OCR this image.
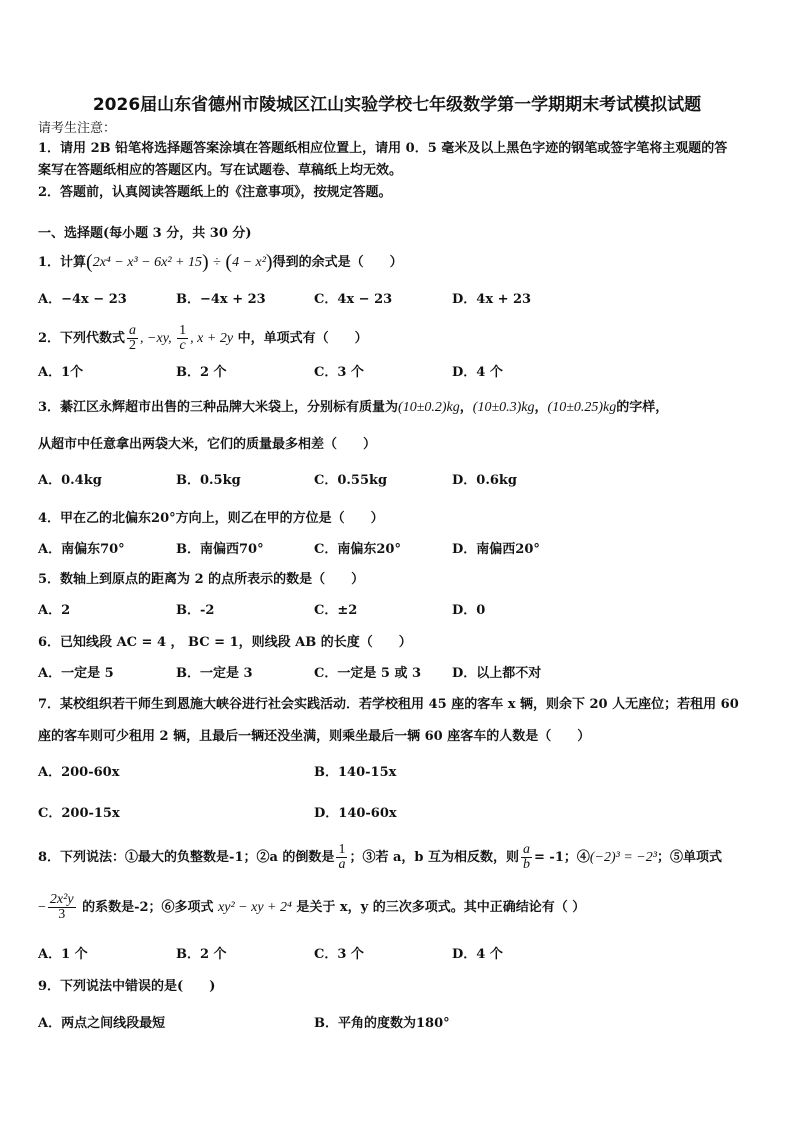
2026届山东省德州市陵城区江山实验学校七年级数学第一学期期末考试模拟试题
请考生注意：
1．请用 2B 铅笔将选择题答案涂填在答题纸相应位置上，请用 0．5 毫米及以上黑色字迹的钢笔或签字笔将主观题的答
案写在答题纸相应的答题区内。写在试题卷、草稿纸上均无效。
2．答题前，认真阅读答题纸上的《注意事项》，按规定答题。
一、选择题(每小题 3 分，共 30 分)
1．计算(2x⁴ − x³ − 6x² + 15) ÷ (4 − x²)得到的余式是（　　）
A．−4x − 23	B．−4x + 23	C．4x − 23	D．4x + 23
2．下列代数式 $\frac{a}{2}$ , −xy, $\frac{1}{c}$ , x + 2y 中，单项式有（　　）
A．1个	B．2 个	C．3 个	D．4 个
3．綦江区永辉超市出售的三种品牌大米袋上，分别标有质量为(10±0.2)kg，(10±0.3)kg，(10±0.25)kg的字样，
从超市中任意拿出两袋大米，它们的质量最多相差（　　）
A．0.4kg	B．0.5kg	C．0.55kg	D．0.6kg
4．甲在乙的北偏东20°方向上，则乙在甲的方位是（　　）
A．南偏东70°	B．南偏西70°	C．南偏东20°	D．南偏西20°
5．数轴上到原点的距离为 2 的点所表示的数是（　　）
A．2	B．-2	C．±2	D．0
6．已知线段 AC = 4 ， BC = 1，则线段 AB 的长度（　　）
A．一定是 5	B．一定是 3	C．一定是 5 或 3 D．以上都不对
7．某校组织若干师生到恩施大峡谷进行社会实践活动．若学校租用 45 座的客车 x 辆，则余下 20 人无座位；若租用 60
座的客车则可少租用 2 辆，且最后一辆还没坐满，则乘坐最后一辆 60 座客车的人数是（　　）
A．200-60x	B．140-15x
C．200-15x	D．140-60x
8．下列说法：①最大的负整数是-1；②a 的倒数是 $\frac{1}{a}$ ；③若 a，b 互为相反数，则 $\frac{a}{b} = -1$；④(−2)³ = −2³；⑤单项式
− $\frac{\text{2x²y}}{3}$ 的系数是-2；⑥多项式 xy² − xy + 2⁴ 是关于 x，y 的三次多项式。其中正确结论有（ ）
A．1 个	B．2 个	C．3 个	D．4 个
9．下列说法中错误的是(　　)
A．两点之间线段最短	B．平角的度数为180°
